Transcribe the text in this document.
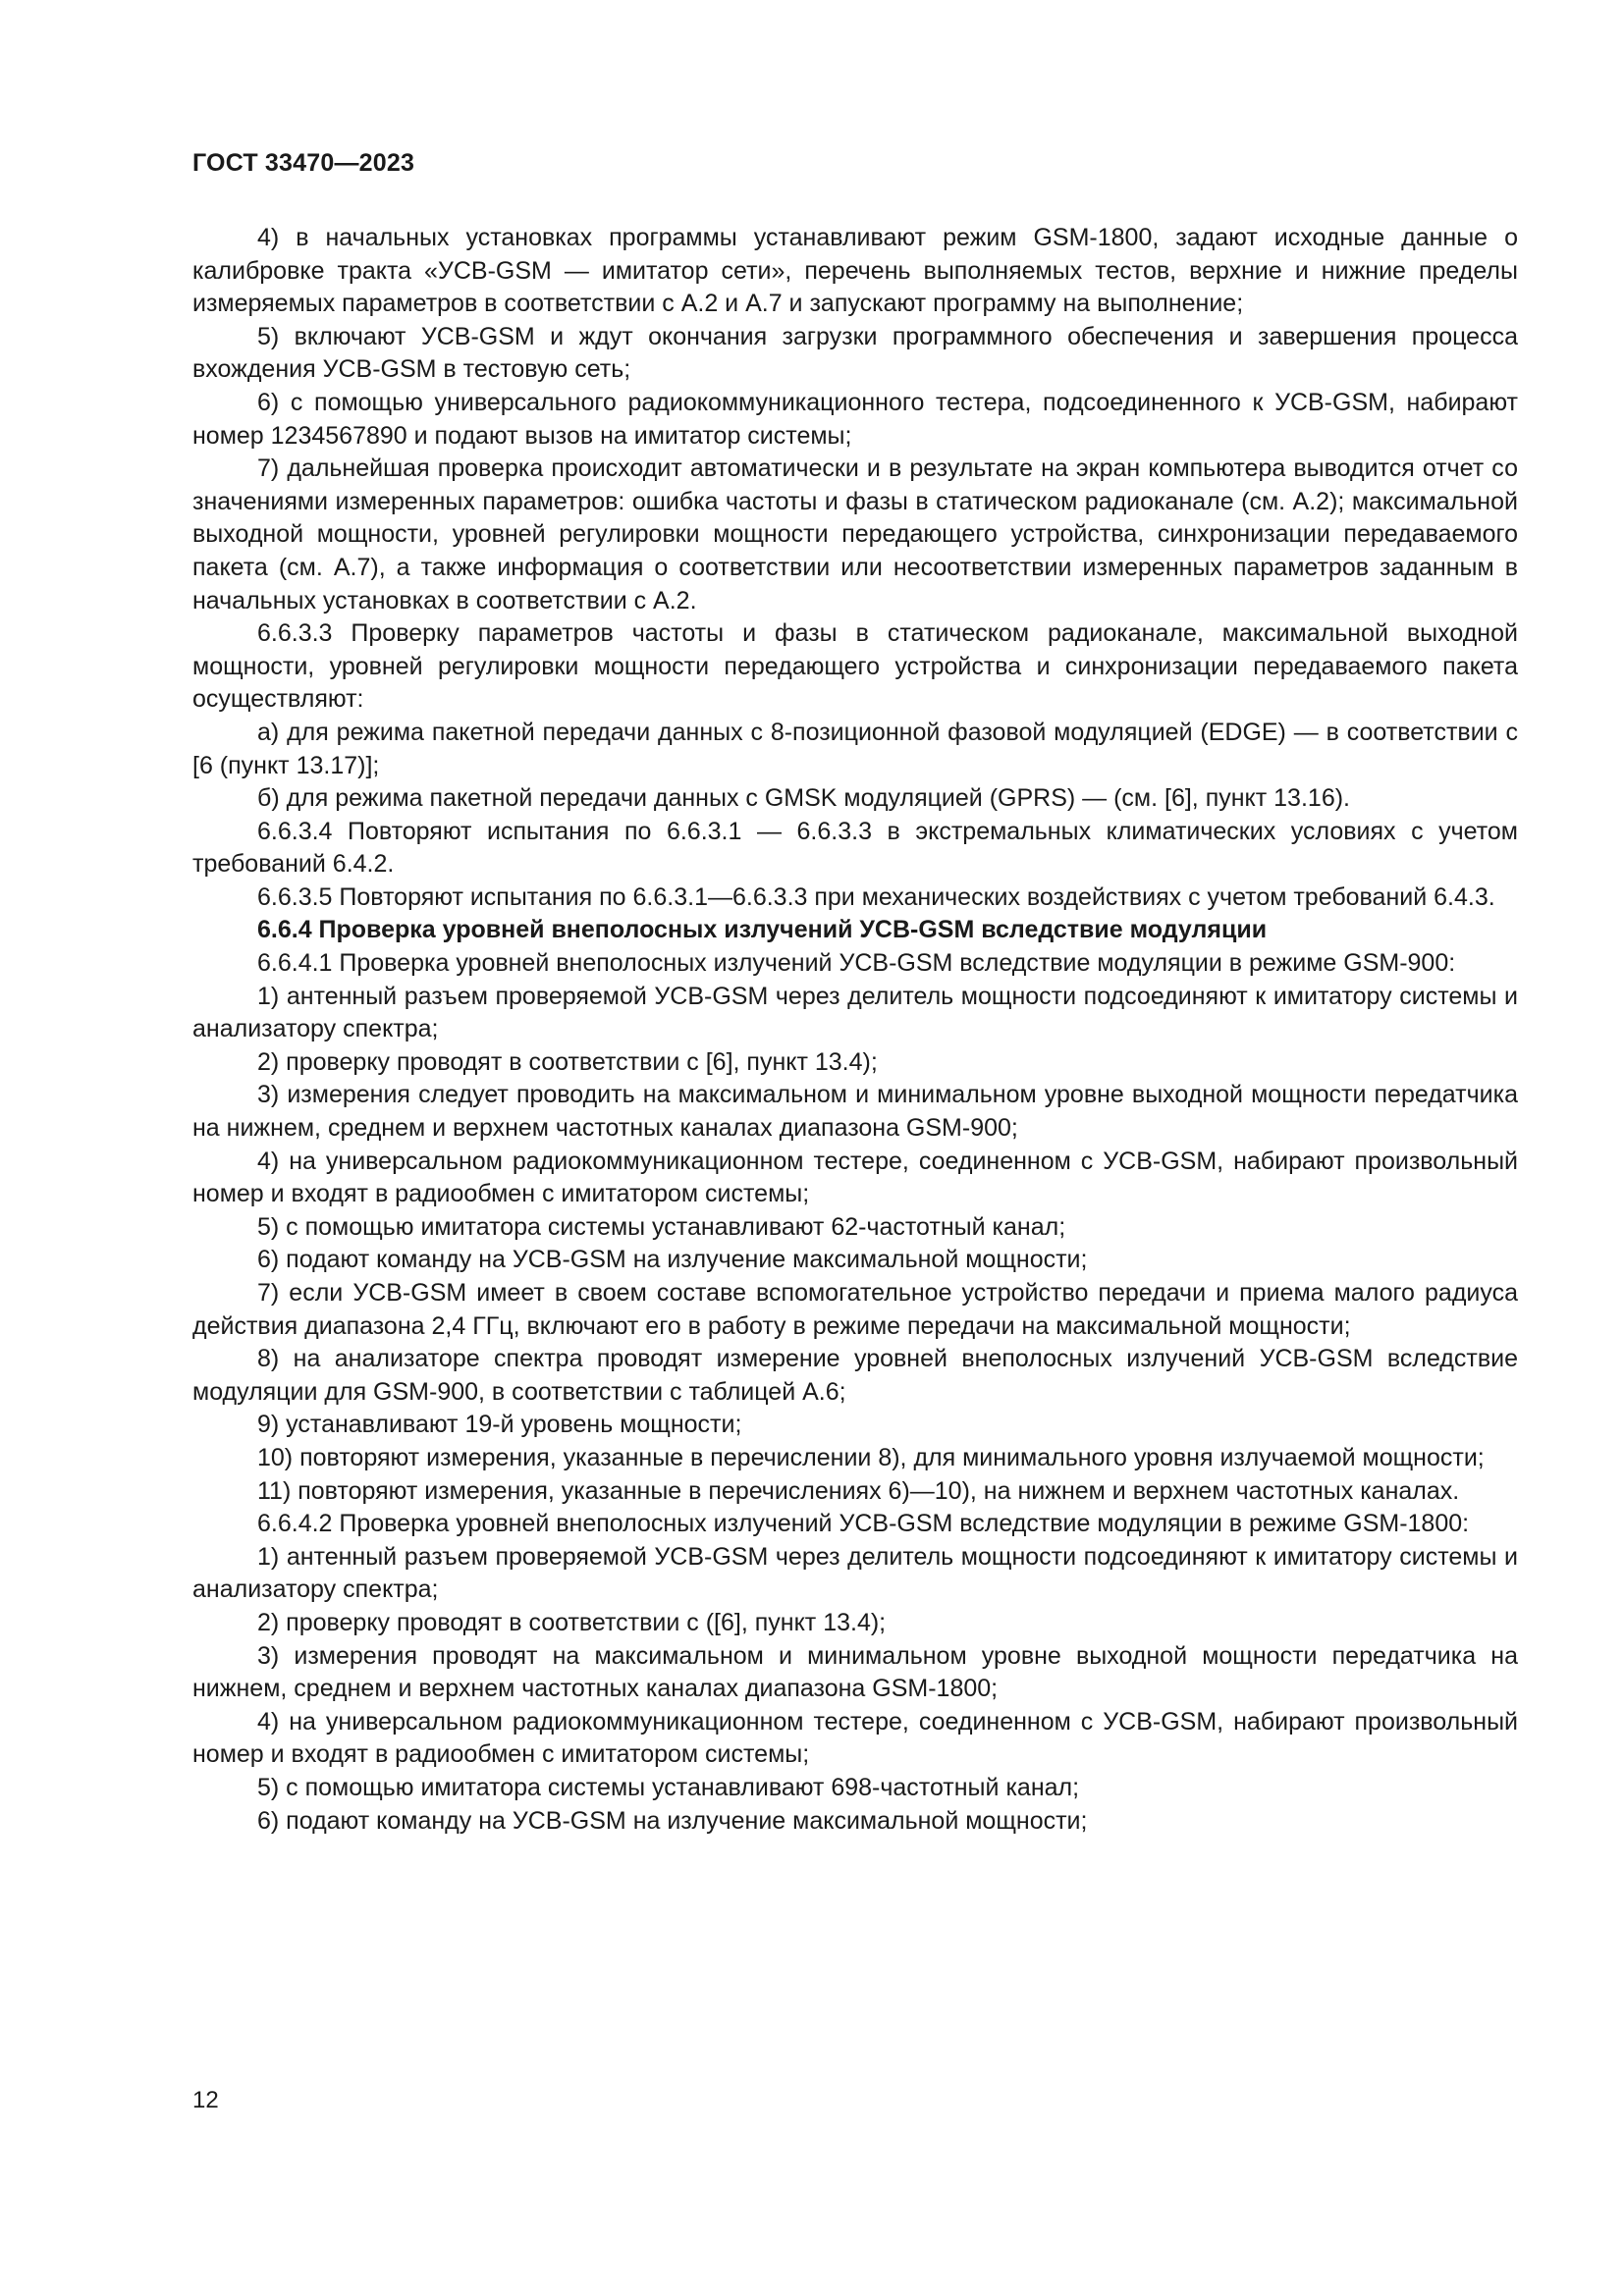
ГОСТ 33470—2023

4) в начальных установках программы устанавливают режим GSM-1800, задают исходные данные о калибровке тракта «УСВ-GSM — имитатор сети», перечень выполняемых тестов, верхние и нижние пределы измеряемых параметров в соответствии с А.2 и А.7 и запускают программу на выполнение;

5) включают УСВ-GSM и ждут окончания загрузки программного обеспечения и завершения процесса вхождения УСВ-GSM в тестовую сеть;

6) с помощью универсального радиокоммуникационного тестера, подсоединенного к УСВ-GSM, набирают номер 1234567890 и подают вызов на имитатор системы;

7) дальнейшая проверка происходит автоматически и в результате на экран компьютера выводится отчет со значениями измеренных параметров: ошибка частоты и фазы в статическом радиоканале (см. А.2); максимальной выходной мощности, уровней регулировки мощности передающего устройства, синхронизации передаваемого пакета (см. А.7), а также информация о соответствии или несоответствии измеренных параметров заданным в начальных установках в соответствии с А.2.

6.6.3.3 Проверку параметров частоты и фазы в статическом радиоканале, максимальной выходной мощности, уровней регулировки мощности передающего устройства и синхронизации передаваемого пакета осуществляют:

а) для режима пакетной передачи данных с 8-позиционной фазовой модуляцией (EDGE) — в соответствии с [6 (пункт 13.17)];

б) для режима пакетной передачи данных с GMSK модуляцией (GPRS) — (см. [6], пункт 13.16).

6.6.3.4 Повторяют испытания по 6.6.3.1 — 6.6.3.3 в экстремальных климатических условиях с учетом требований 6.4.2.

6.6.3.5 Повторяют испытания по 6.6.3.1—6.6.3.3 при механических воздействиях с учетом требований 6.4.3.

6.6.4 Проверка уровней внеполосных излучений УСВ-GSM вследствие модуляции

6.6.4.1 Проверка уровней внеполосных излучений УСВ-GSM вследствие модуляции в режиме GSM-900:

1) антенный разъем проверяемой УСВ-GSM через делитель мощности подсоединяют к имитатору системы и анализатору спектра;

2) проверку проводят в соответствии с [6], пункт 13.4);

3) измерения следует проводить на максимальном и минимальном уровне выходной мощности передатчика на нижнем, среднем и верхнем частотных каналах диапазона GSM-900;

4) на универсальном радиокоммуникационном тестере, соединенном с УСВ-GSM, набирают произвольный номер и входят в радиообмен с имитатором системы;

5) с помощью имитатора системы устанавливают 62-частотный канал;

6) подают команду на УСВ-GSM на излучение максимальной мощности;

7) если УСВ-GSM имеет в своем составе вспомогательное устройство передачи и приема малого радиуса действия диапазона 2,4 ГГц, включают его в работу в режиме передачи на максимальной мощности;

8) на анализаторе спектра проводят измерение уровней внеполосных излучений УСВ-GSM вследствие модуляции для GSM-900, в соответствии с таблицей А.6;

9) устанавливают 19-й уровень мощности;

10) повторяют измерения, указанные в перечислении 8), для минимального уровня излучаемой мощности;

11) повторяют измерения, указанные в перечислениях 6)—10), на нижнем и верхнем частотных каналах.

6.6.4.2 Проверка уровней внеполосных излучений УСВ-GSM вследствие модуляции в режиме GSM-1800:

1) антенный разъем проверяемой УСВ-GSM через делитель мощности подсоединяют к имитатору системы и анализатору спектра;

2) проверку проводят в соответствии с ([6], пункт 13.4);

3) измерения проводят на максимальном и минимальном уровне выходной мощности передатчика на нижнем, среднем и верхнем частотных каналах диапазона GSM-1800;

4) на универсальном радиокоммуникационном тестере, соединенном с УСВ-GSM, набирают произвольный номер и входят в радиообмен с имитатором системы;

5) с помощью имитатора системы устанавливают 698-частотный канал;

6) подают команду на УСВ-GSM на излучение максимальной мощности;

12
